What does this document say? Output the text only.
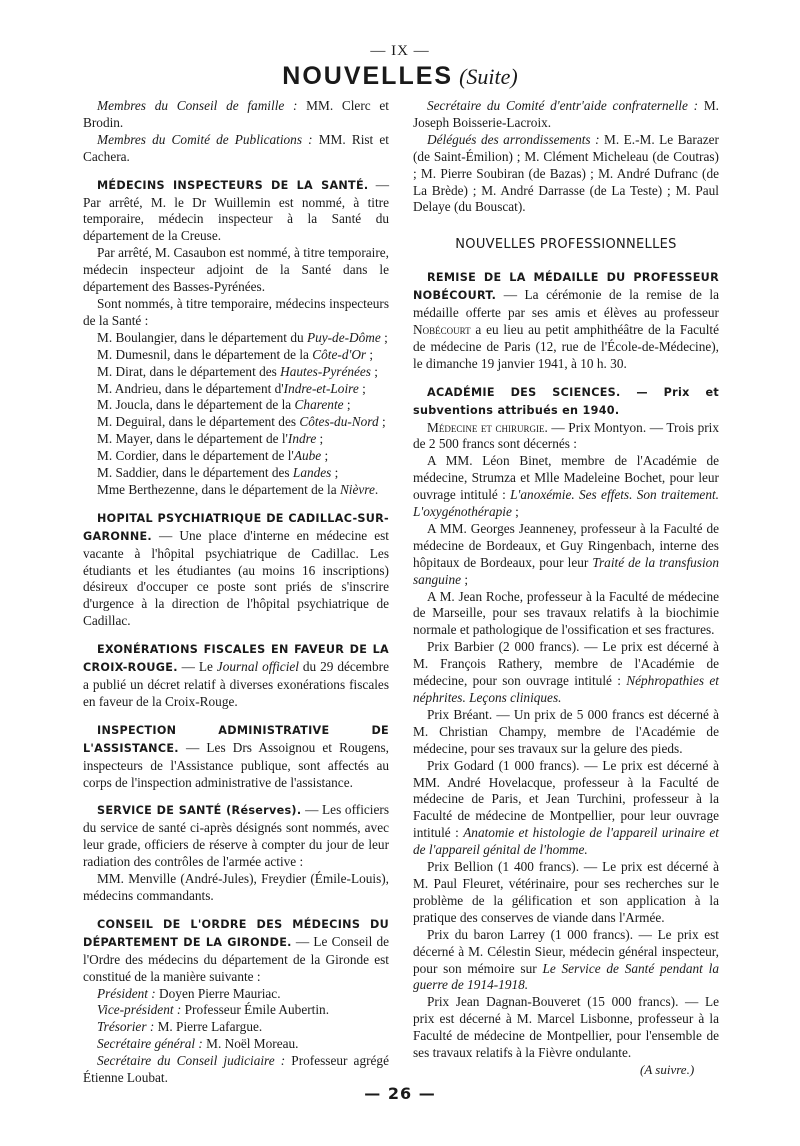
— IX —
NOUVELLES (Suite)

Membres du Conseil de famille : MM. Clerc et Brodin.

Membres du Comité de Publications : MM. Rist et Cachera.

MÉDECINS INSPECTEURS DE LA SANTÉ. — Par arrêté, M. le Dr Wuillemin est nommé, à titre temporaire, médecin inspecteur à la Santé du département de la Creuse.

Par arrêté, M. Casaubon est nommé, à titre temporaire, médecin inspecteur adjoint de la Santé dans le département des Basses-Pyrénées.

Sont nommés, à titre temporaire, médecins inspecteurs de la Santé :

M. Boulangier, dans le département du Puy-de-Dôme ;

M. Dumesnil, dans le département de la Côte-d'Or ;

M. Dirat, dans le département des Hautes-Pyrénées ;

M. Andrieu, dans le département d'Indre-et-Loire ;

M. Joucla, dans le département de la Charente ;

M. Deguiral, dans le département des Côtes-du-Nord ;

M. Mayer, dans le département de l'Indre ;

M. Cordier, dans le département de l'Aube ;

M. Saddier, dans le département des Landes ;

Mme Berthezenne, dans le département de la Nièvre.

HOPITAL PSYCHIATRIQUE DE CADILLAC-SUR-GARONNE. — Une place d'interne en médecine est vacante à l'hôpital psychiatrique de Cadillac. Les étudiants et les étudiantes (au moins 16 inscriptions) désireux d'occuper ce poste sont priés de s'inscrire d'urgence à la direction de l'hôpital psychiatrique de Cadillac.

EXONÉRATIONS FISCALES EN FAVEUR DE LA CROIX-ROUGE. — Le Journal officiel du 29 décembre a publié un décret relatif à diverses exonérations fiscales en faveur de la Croix-Rouge.

INSPECTION ADMINISTRATIVE DE L'ASSISTANCE. — Les Drs Assoignou et Rougens, inspecteurs de l'Assistance publique, sont affectés au corps de l'inspection administrative de l'assistance.

SERVICE DE SANTÉ (Réserves). — Les officiers du service de santé ci-après désignés sont nommés, avec leur grade, officiers de réserve à compter du jour de leur radiation des contrôles de l'armée active :

MM. Menville (André-Jules), Freydier (Émile-Louis), médecins commandants.

CONSEIL DE L'ORDRE DES MÉDECINS DU DÉPARTEMENT DE LA GIRONDE. — Le Conseil de l'Ordre des médecins du département de la Gironde est constitué de la manière suivante :

Président : Doyen Pierre Mauriac.

Vice-président : Professeur Émile Aubertin.

Trésorier : M. Pierre Lafargue.

Secrétaire général : M. Noël Moreau.

Secrétaire du Conseil judiciaire : Professeur agrégé Étienne Loubat.

Secrétaire du Comité d'entr'aide confraternelle : M. Joseph Boisserie-Lacroix.

Délégués des arrondissements : M. E.-M. Le Barazer (de Saint-Émilion) ; M. Clément Micheleau (de Coutras) ; M. Pierre Soubiran (de Bazas) ; M. André Dufranc (de La Brède) ; M. André Darrasse (de La Teste) ; M. Paul Delaye (du Bouscat).

NOUVELLES PROFESSIONNELLES

REMISE DE LA MÉDAILLE DU PROFESSEUR NOBÉCOURT. — La cérémonie de la remise de la médaille offerte par ses amis et élèves au professeur Nobécourt a eu lieu au petit amphithéâtre de la Faculté de médecine de Paris (12, rue de l'École-de-Médecine), le dimanche 19 janvier 1941, à 10 h. 30.

ACADÉMIE DES SCIENCES. — Prix et subventions attribués en 1940.

Médecine et chirurgie. — Prix Montyon. — Trois prix de 2 500 francs sont décernés :

A MM. Léon Binet, membre de l'Académie de médecine, Strumza et Mlle Madeleine Bochet, pour leur ouvrage intitulé : L'anoxémie. Ses effets. Son traitement. L'oxygénothérapie ;

A MM. Georges Jeanneney, professeur à la Faculté de médecine de Bordeaux, et Guy Ringenbach, interne des hôpitaux de Bordeaux, pour leur Traité de la transfusion sanguine ;

A M. Jean Roche, professeur à la Faculté de médecine de Marseille, pour ses travaux relatifs à la biochimie normale et pathologique de l'ossification et ses fractures.

Prix Barbier (2 000 francs). — Le prix est décerné à M. François Rathery, membre de l'Académie de médecine, pour son ouvrage intitulé : Néphropathies et néphrites. Leçons cliniques.

Prix Bréant. — Un prix de 5 000 francs est décerné à M. Christian Champy, membre de l'Académie de médecine, pour ses travaux sur la gelure des pieds.

Prix Godard (1 000 francs). — Le prix est décerné à MM. André Hovelacque, professeur à la Faculté de médecine de Paris, et Jean Turchini, professeur à la Faculté de médecine de Montpellier, pour leur ouvrage intitulé : Anatomie et histologie de l'appareil urinaire et de l'appareil génital de l'homme.

Prix Bellion (1 400 francs). — Le prix est décerné à M. Paul Fleuret, vétérinaire, pour ses recherches sur le problème de la gélification et son application à la pratique des conserves de viande dans l'Armée.

Prix du baron Larrey (1 000 francs). — Le prix est décerné à M. Célestin Sieur, médecin général inspecteur, pour son mémoire sur Le Service de Santé pendant la guerre de 1914-1918.

Prix Jean Dagnan-Bouveret (15 000 francs). — Le prix est décerné à M. Marcel Lisbonne, professeur à la Faculté de médecine de Montpellier, pour l'ensemble de ses travaux relatifs à la Fièvre ondulante.

(A suivre.)
— 26 —
